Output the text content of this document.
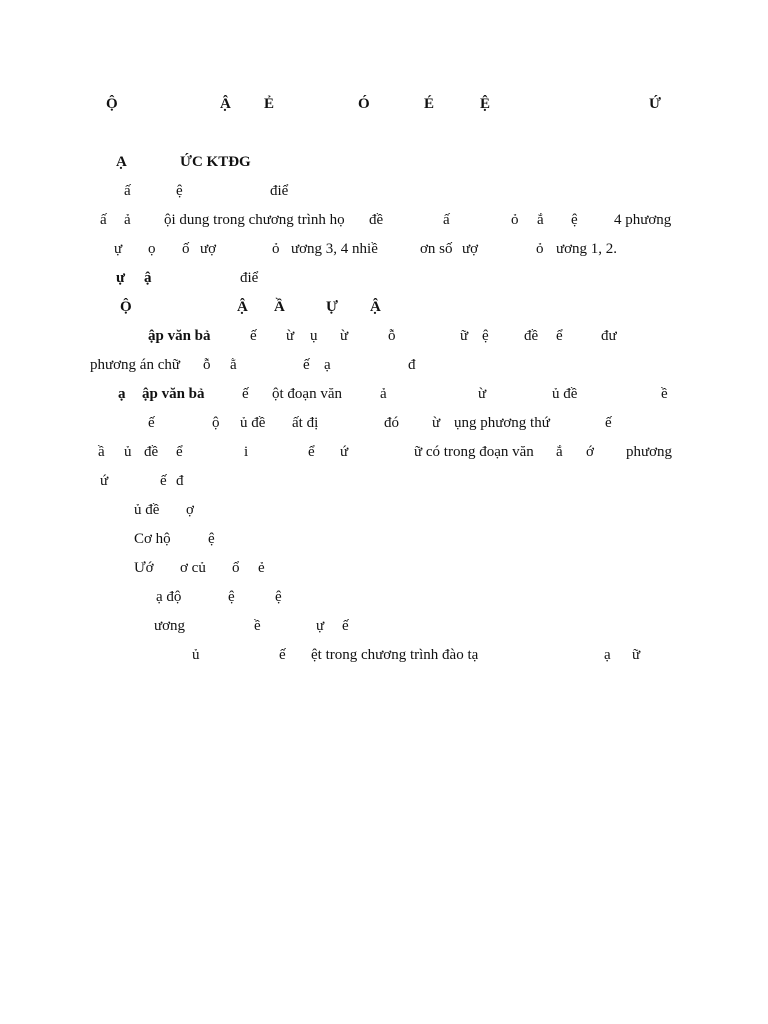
Ộ	Ậ Ẻ	Ó	É	Ệ	Ứ
Ạ	ỨC KTĐG
ấ	ệ	điể
ấ ả ội dung trong chương trình họ đề	ấ	ỏ ắ ệ 4 phương
ự ọ ố ượ	ỏ ương 3, 4 nhiề	ơn số ượ	ỏ ương 1, 2.
ự ậ	điể
Ộ	Ậ Ầ	Ự Ậ
ập văn bả	ế ừ ụ ừ	ỗ	ữ ệ đề ể	đư
phương án chữ ỗ ằ	ế ạ	đ
ạ ập văn bả ế ột đoạn văn	ả	ừ	ủ đề	ề
ế	ộ ủ đề ất đị	đó ừ ụng phương thứ	ế
ầ ủ đề ể	i	ể ứ	ữ có trong đoạn văn ắ ớ phương
ứ	ế đ
ủ đề ợ
Cơ hộ ệ
Ướ ơ củ ổ ẻ
ạ độ	ệ	ệ
ương	ề	ự ế
ủ	ế ệt trong chương trình đào tạ	ạ ữ
